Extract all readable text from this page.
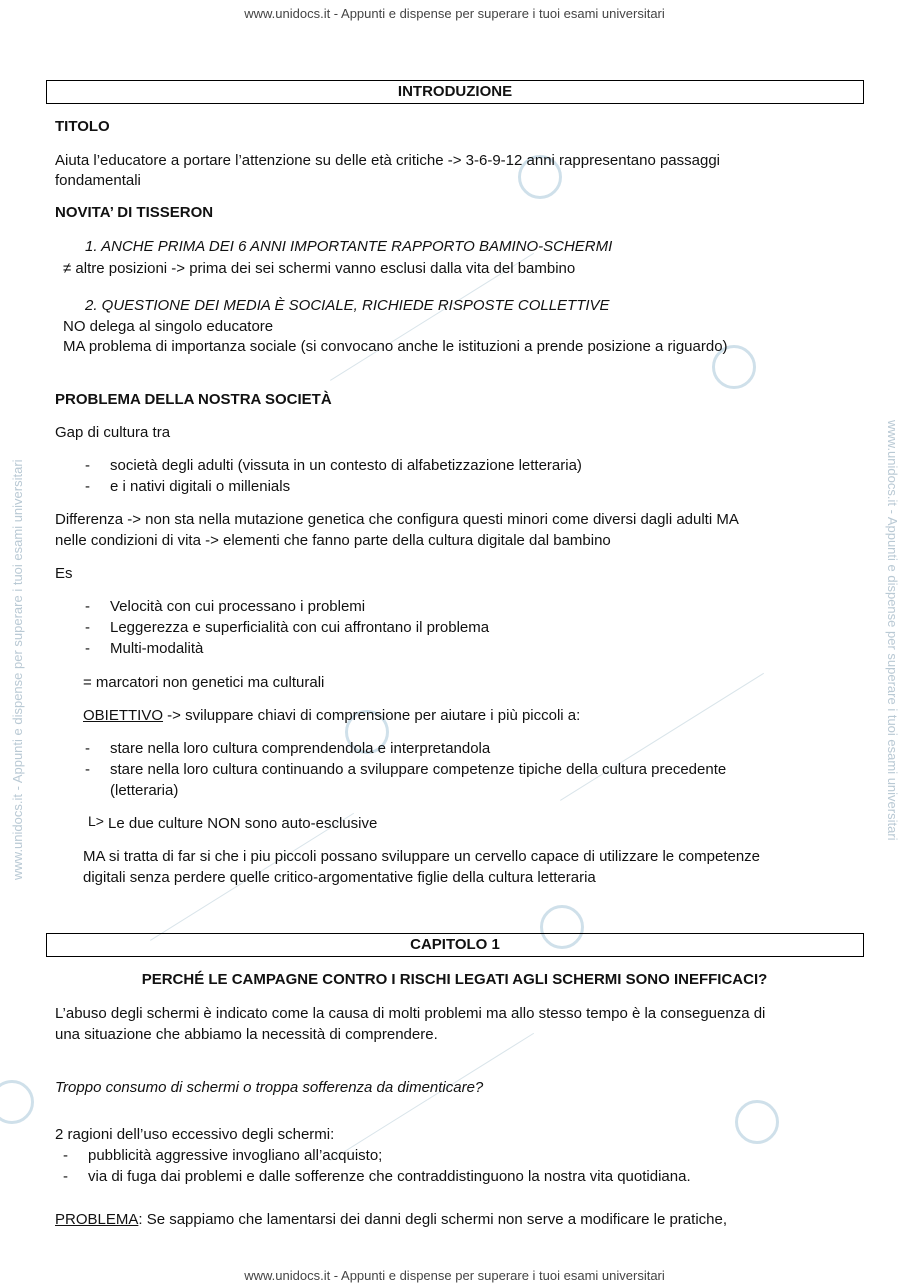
www.unidocs.it - Appunti e dispense per superare i tuoi esami universitari
www.unidocs.it - Appunti e dispense per superare i tuoi esami universitari
www.unidocs.it - Appunti e dispense per superare i tuoi esami universitari	www.unidocs.it - Appunti e dispense per superare i tuoi esami universitari
INTRODUZIONE
TITOLO
Aiuta l’educatore a portare l’attenzione su delle età critiche -> 3-6-9-12 anni rappresentano passaggi
fondamentali
NOVITA’ DI TISSERON
1. ANCHE PRIMA DEI 6 ANNI IMPORTANTE RAPPORTO BAMINO-SCHERMI
≠ altre posizioni -> prima dei sei schermi vanno esclusi dalla vita del bambino
2. QUESTIONE DEI MEDIA È SOCIALE, RICHIEDE RISPOSTE COLLETTIVE
NO delega al singolo educatore
MA problema di importanza sociale (si convocano anche le istituzioni a prende posizione a riguardo)
PROBLEMA DELLA NOSTRA SOCIETÀ
Gap di cultura tra
- società degli adulti (vissuta in un contesto di alfabetizzazione letteraria)
- e i nativi digitali o millenials
Differenza -> non sta nella mutazione genetica che configura questi minori come diversi dagli adulti MA
nelle condizioni di vita -> elementi che fanno parte della cultura digitale dal bambino
Es
- Velocità con cui processano i problemi
- Leggerezza e superficialità con cui affrontano il problema
- Multi-modalità
= marcatori non genetici ma culturali
OBIETTIVO -> sviluppare chiavi di comprensione per aiutare i più piccoli a:
- stare nella loro cultura comprendendola e interpretandola
- stare nella loro cultura continuando a sviluppare competenze tipiche della cultura precedente
(letteraria)
L> Le due culture NON sono auto-esclusive
MA si tratta di far si che i piu piccoli possano sviluppare un cervello capace di utilizzare le competenze
digitali senza perdere quelle critico-argomentative figlie della cultura letteraria
CAPITOLO 1
PERCHÉ LE CAMPAGNE CONTRO I RISCHI LEGATI AGLI SCHERMI SONO INEFFICACI?
L’abuso degli schermi è indicato come la causa di molti problemi ma allo stesso tempo è la conseguenza di
una situazione che abbiamo la necessità di comprendere.
Troppo consumo di schermi o troppa sofferenza da dimenticare?
2 ragioni dell’uso eccessivo degli schermi:
- pubblicità aggressive invogliano all’acquisto;
- via di fuga dai problemi e dalle sofferenze che contraddistinguono la nostra vita quotidiana.
PROBLEMA: Se sappiamo che lamentarsi dei danni degli schermi non serve a modificare le pratiche,
